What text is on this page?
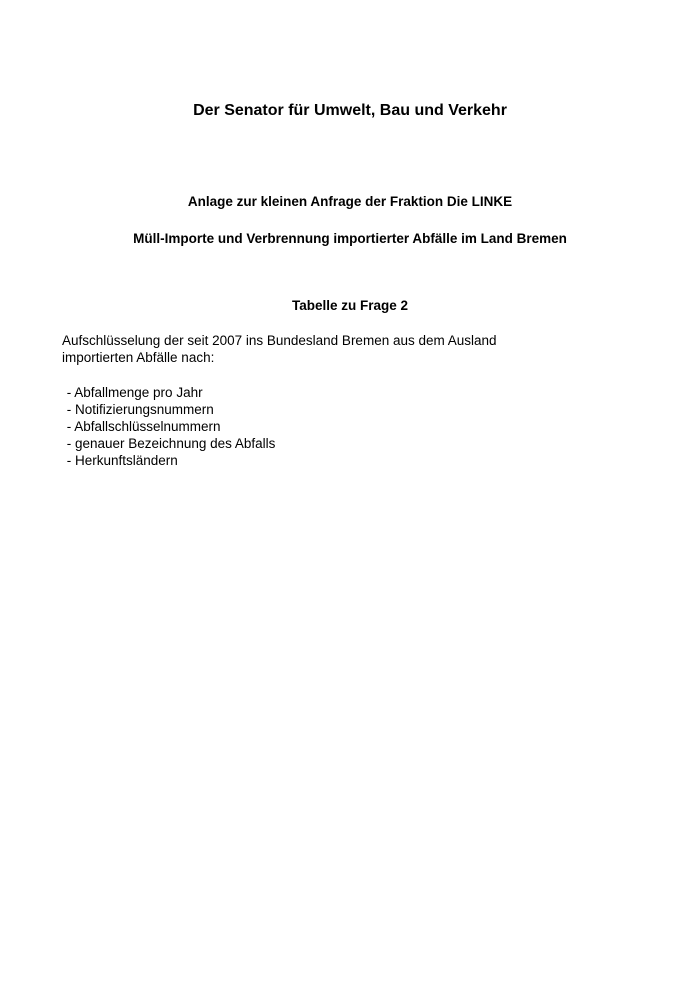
Der Senator für Umwelt, Bau und Verkehr
Anlage zur kleinen Anfrage der Fraktion Die LINKE
Müll-Importe und Verbrennung importierter Abfälle im Land Bremen
Tabelle zu Frage 2
Aufschlüsselung der seit 2007 ins Bundesland Bremen aus dem Ausland
importierten Abfälle nach:
- Abfallmenge pro Jahr
- Notifizierungsnummern
- Abfallschlüsselnummern
- genauer Bezeichnung des Abfalls
- Herkunftsländern
